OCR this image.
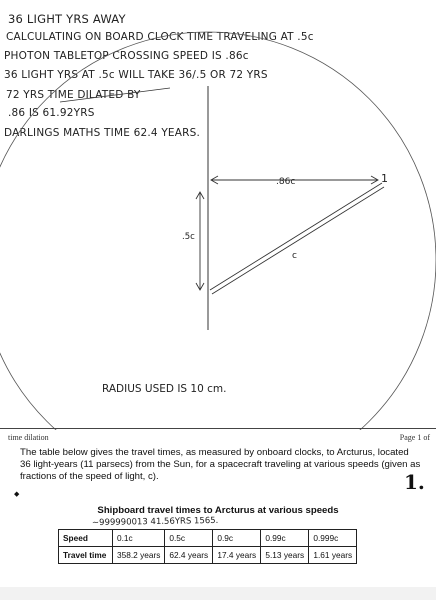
36 LIGHT YRS AWAY
CALCULATING ON BOARD CLOCK TIME TRAVELING AT .5c
PHOTON TABLETOP CROSSING SPEED IS .86c
36 LIGHT YRS AT .5c WILL TAKE 36/.5 OR 72 YRS
72 YRS TIME DILATED BY
.86 IS 61.92YRS
DARLINGS MATHS TIME 62.4 YEARS.
.86c
.5c
c
1
RADIUS USED IS 10 cm.
time dilation	Page 1 of
The table below gives the travel times, as measured by onboard clocks, to Arcturus, located 36 light-years (11 parsecs) from the Sun, for a spacecraft traveling at various speeds (given as fractions of the speed of light, c).
◆	1.
Shipboard travel times to Arcturus at various speeds
~999990013 41.56YRS 1565.
Speed	0.1c	0.5c	0.9c	0.99c	0.999c
Travel time	358.2 years	62.4 years	17.4 years	5.13 years	1.61 years
